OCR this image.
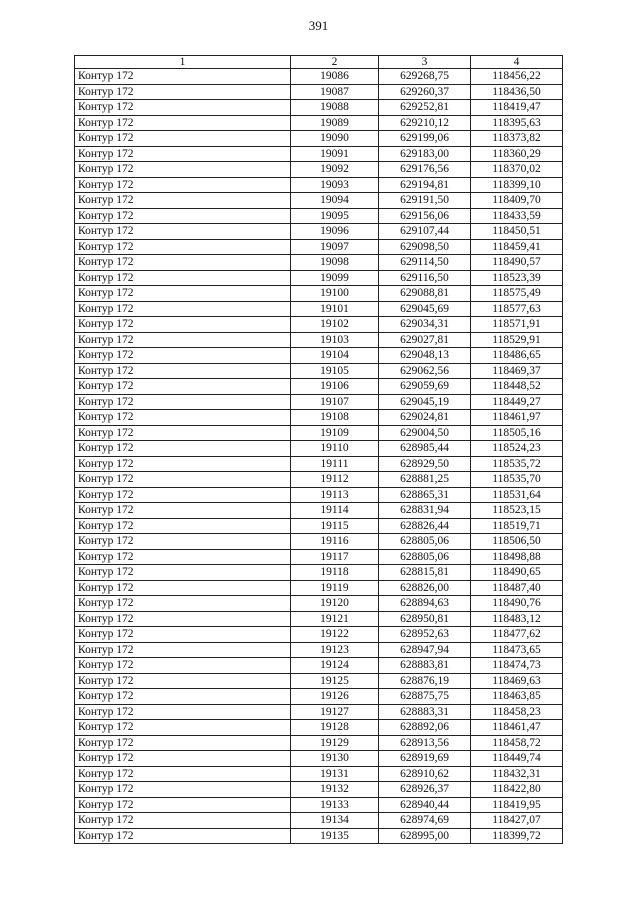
391
1	2	3	4
Контур 172	19086	629268,75	118456,22
Контур 172	19087	629260,37	118436,50
Контур 172	19088	629252,81	118419,47
Контур 172	19089	629210,12	118395,63
Контур 172	19090	629199,06	118373,82
Контур 172	19091	629183,00	118360,29
Контур 172	19092	629176,56	118370,02
Контур 172	19093	629194,81	118399,10
Контур 172	19094	629191,50	118409,70
Контур 172	19095	629156,06	118433,59
Контур 172	19096	629107,44	118450,51
Контур 172	19097	629098,50	118459,41
Контур 172	19098	629114,50	118490,57
Контур 172	19099	629116,50	118523,39
Контур 172	19100	629088,81	118575,49
Контур 172	19101	629045,69	118577,63
Контур 172	19102	629034,31	118571,91
Контур 172	19103	629027,81	118529,91
Контур 172	19104	629048,13	118486,65
Контур 172	19105	629062,56	118469,37
Контур 172	19106	629059,69	118448,52
Контур 172	19107	629045,19	118449,27
Контур 172	19108	629024,81	118461,97
Контур 172	19109	629004,50	118505,16
Контур 172	19110	628985,44	118524,23
Контур 172	19111	628929,50	118535,72
Контур 172	19112	628881,25	118535,70
Контур 172	19113	628865,31	118531,64
Контур 172	19114	628831,94	118523,15
Контур 172	19115	628826,44	118519,71
Контур 172	19116	628805,06	118506,50
Контур 172	19117	628805,06	118498,88
Контур 172	19118	628815,81	118490,65
Контур 172	19119	628826,00	118487,40
Контур 172	19120	628894,63	118490,76
Контур 172	19121	628950,81	118483,12
Контур 172	19122	628952,63	118477,62
Контур 172	19123	628947,94	118473,65
Контур 172	19124	628883,81	118474,73
Контур 172	19125	628876,19	118469,63
Контур 172	19126	628875,75	118463,85
Контур 172	19127	628883,31	118458,23
Контур 172	19128	628892,06	118461,47
Контур 172	19129	628913,56	118458,72
Контур 172	19130	628919,69	118449,74
Контур 172	19131	628910,62	118432,31
Контур 172	19132	628926,37	118422,80
Контур 172	19133	628940,44	118419,95
Контур 172	19134	628974,69	118427,07
Контур 172	19135	628995,00	118399,72
